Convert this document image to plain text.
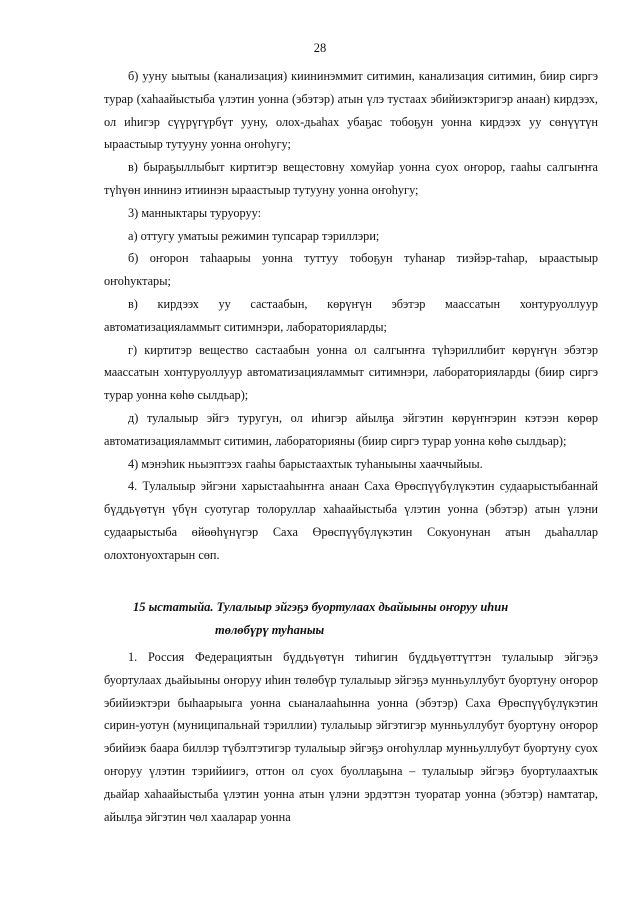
28

б) ууну ыытыы (канализация) киининэммит ситимин, канализация ситимин, биир сиргэ турар (хаһаайыстыба үлэтин уонна (эбэтэр) атын үлэ тустаах эбийиэктэригэр анаан) кирдээх, ол иһигэр сүүрүгүрбүт ууну, олох-дьаһах убаҕас тобоҕун уонна кирдээх уу сөнүүтүн ыраастыыр тутууну уонна оҥоһугу;

в) быраҕыллыбыт киртитэр вещестовну хомуйар уонна суох оҥорор, гааһы салгыҥҥа түһүөн иннинэ итиинэн ыраастыыр тутууну уонна оҥоһугу;

3) манныктары туруоруу:

а) оттугу уматыы режимин тупсарар тэриллэри;

б) оҥорон таһаарыы уонна туттуу тобоҕун туһанар тиэйэр-таһар, ыраастыыр оҥоһуктары;

в) кирдээх уу састаабын, көрүҥүн эбэтэр маассатын хонтуруоллуур автоматизацияламмыт ситимнэри, лабораторияларды;

г) киртитэр вещество састаабын уонна ол салгыҥҥа түһэриллибит көрүҥүн эбэтэр маассатын хонтуруоллуур автоматизацияламмыт ситимнэри, лабораторияларды (биир сиргэ турар уонна көһө сылдьар);

д) тулалыыр эйгэ туругун, ол иһигэр айылҕа эйгэтин көрүҥҥэрин кэтээн көрөр автоматизацияламмыт ситимин, лабораторияны (биир сиргэ турар уонна көһө сылдьар);

4) мэнэһик ньыэптээх гааһы барыстаахтык туһаныыны хааччыйыы.

4. Тулалыыр эйгэни харыстааһыҥҥа анаан Саха Өрөспүүбүлүкэтин судаарыстыбаннай бүддьүөтүн үбүн суотугар толоруллар хаһаайыстыба үлэтин уонна (эбэтэр) атын үлэни судаарыстыба өйөөһүнүгэр Саха Өрөспүүбүлүкэтин Сокуонунан атын дьаһаллар олохтонуохтарын сөп.

15 ыстатыйа. Тулалыыр эйгэҕэ буортулаах дьайыыны оҥоруу иһин
төлөбүрү туһаныы

1. Россия Федерациятын бүддьүөтүн тиһигин бүддьүөттүттэн тулалыыр эйгэҕэ буортулаах дьайыыны оҥоруу иһин төлөбүр тулалыыр эйгэҕэ мунньуллубут буортуну оҥорор эбийиэктэри быһаарыыга уонна сыаналааһынна уонна (эбэтэр) Саха Өрөспүүбүлүкэтин сирин-уотун (муниципальнай тэриллии) тулалыыр эйгэтигэр мунньуллубут буортуну оҥорор эбийиэк баара биллэр түбэлтэтигэр тулалыыр эйгэҕэ оҥоһуллар мунньуллубут буортуну суох оҥоруу үлэтин тэрийиигэ, оттон ол суох буоллаҕына – тулалыыр эйгэҕэ буортулаахтык дьайар хаһаайыстыба үлэтин уонна атын үлэни эрдэттэн туоратар уонна (эбэтэр) намтатар, айылҕа эйгэтин чөл хааларар уонна
